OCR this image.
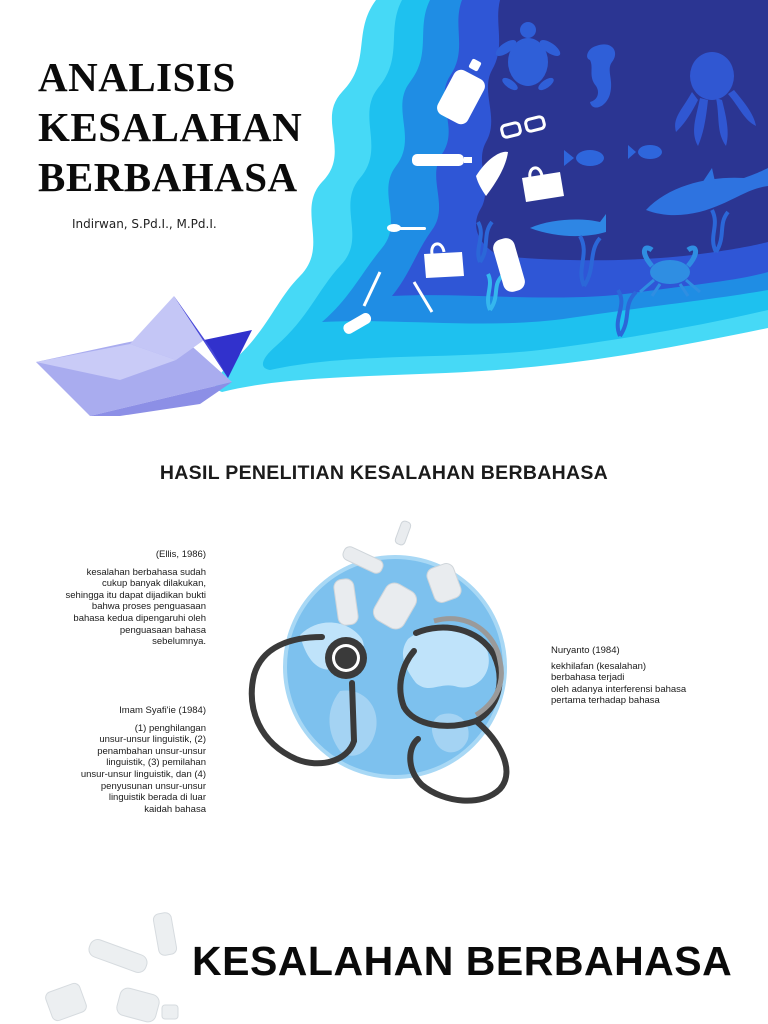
ANALISIS
KESALAHAN
BERBAHASA
Indirwan, S.Pd.I., M.Pd.I.
HASIL PENELITIAN KESALAHAN BERBAHASA
(Ellis, 1986)
kesalahan berbahasa sudah
cukup banyak dilakukan,
sehingga itu dapat dijadikan bukti
bahwa proses penguasaan
bahasa kedua dipengaruhi oleh
penguasaan bahasa
sebelumnya.
Imam Syafi'ie (1984)
(1) penghilangan
unsur-unsur linguistik, (2)
penambahan unsur-unsur
linguistik, (3) pemilahan
unsur-unsur linguistik, dan (4)
penyusunan unsur-unsur
linguistik berada di luar
kaidah bahasa
Nuryanto (1984)
kekhilafan (kesalahan)
berbahasa terjadi
oleh adanya interferensi bahasa
pertama terhadap bahasa
KESALAHAN BERBAHASA
